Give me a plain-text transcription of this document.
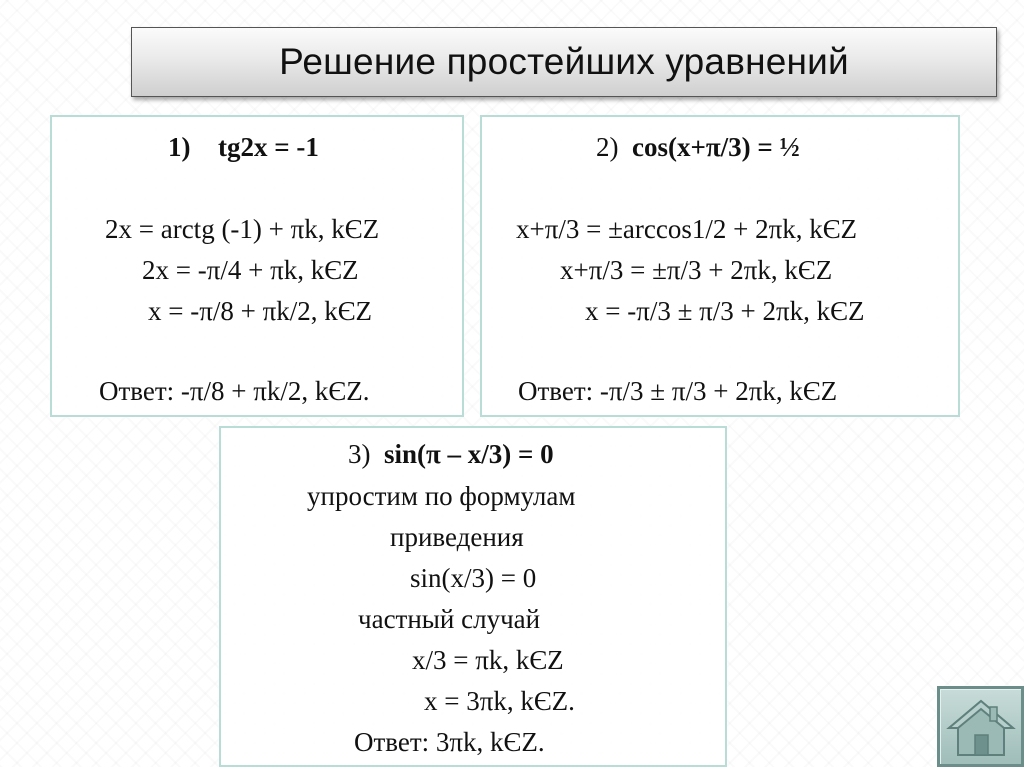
Решение простейших уравнений
1) tg2x = -1
2x = arctg (-1) + πk, kЄZ
2x = -π/4 + πk, kЄZ
x = -π/8 + πk/2, kЄZ
Ответ: -π/8 + πk/2, kЄZ.
2) cos(x+π/3) = ½
x+π/3 = ±arccos1/2 + 2πk, kЄZ
x+π/3 = ±π/3 + 2πk, kЄZ
x = -π/3 ± π/3 + 2πk, kЄZ
Ответ: -π/3 ± π/3 + 2πk, kЄZ
3) sin(π – x/3) = 0
упростим по формулам
приведения
sin(x/3) = 0
частный случай
x/3 = πk, kЄZ
x = 3πk, kЄZ.
Ответ: 3πk, kЄZ.
